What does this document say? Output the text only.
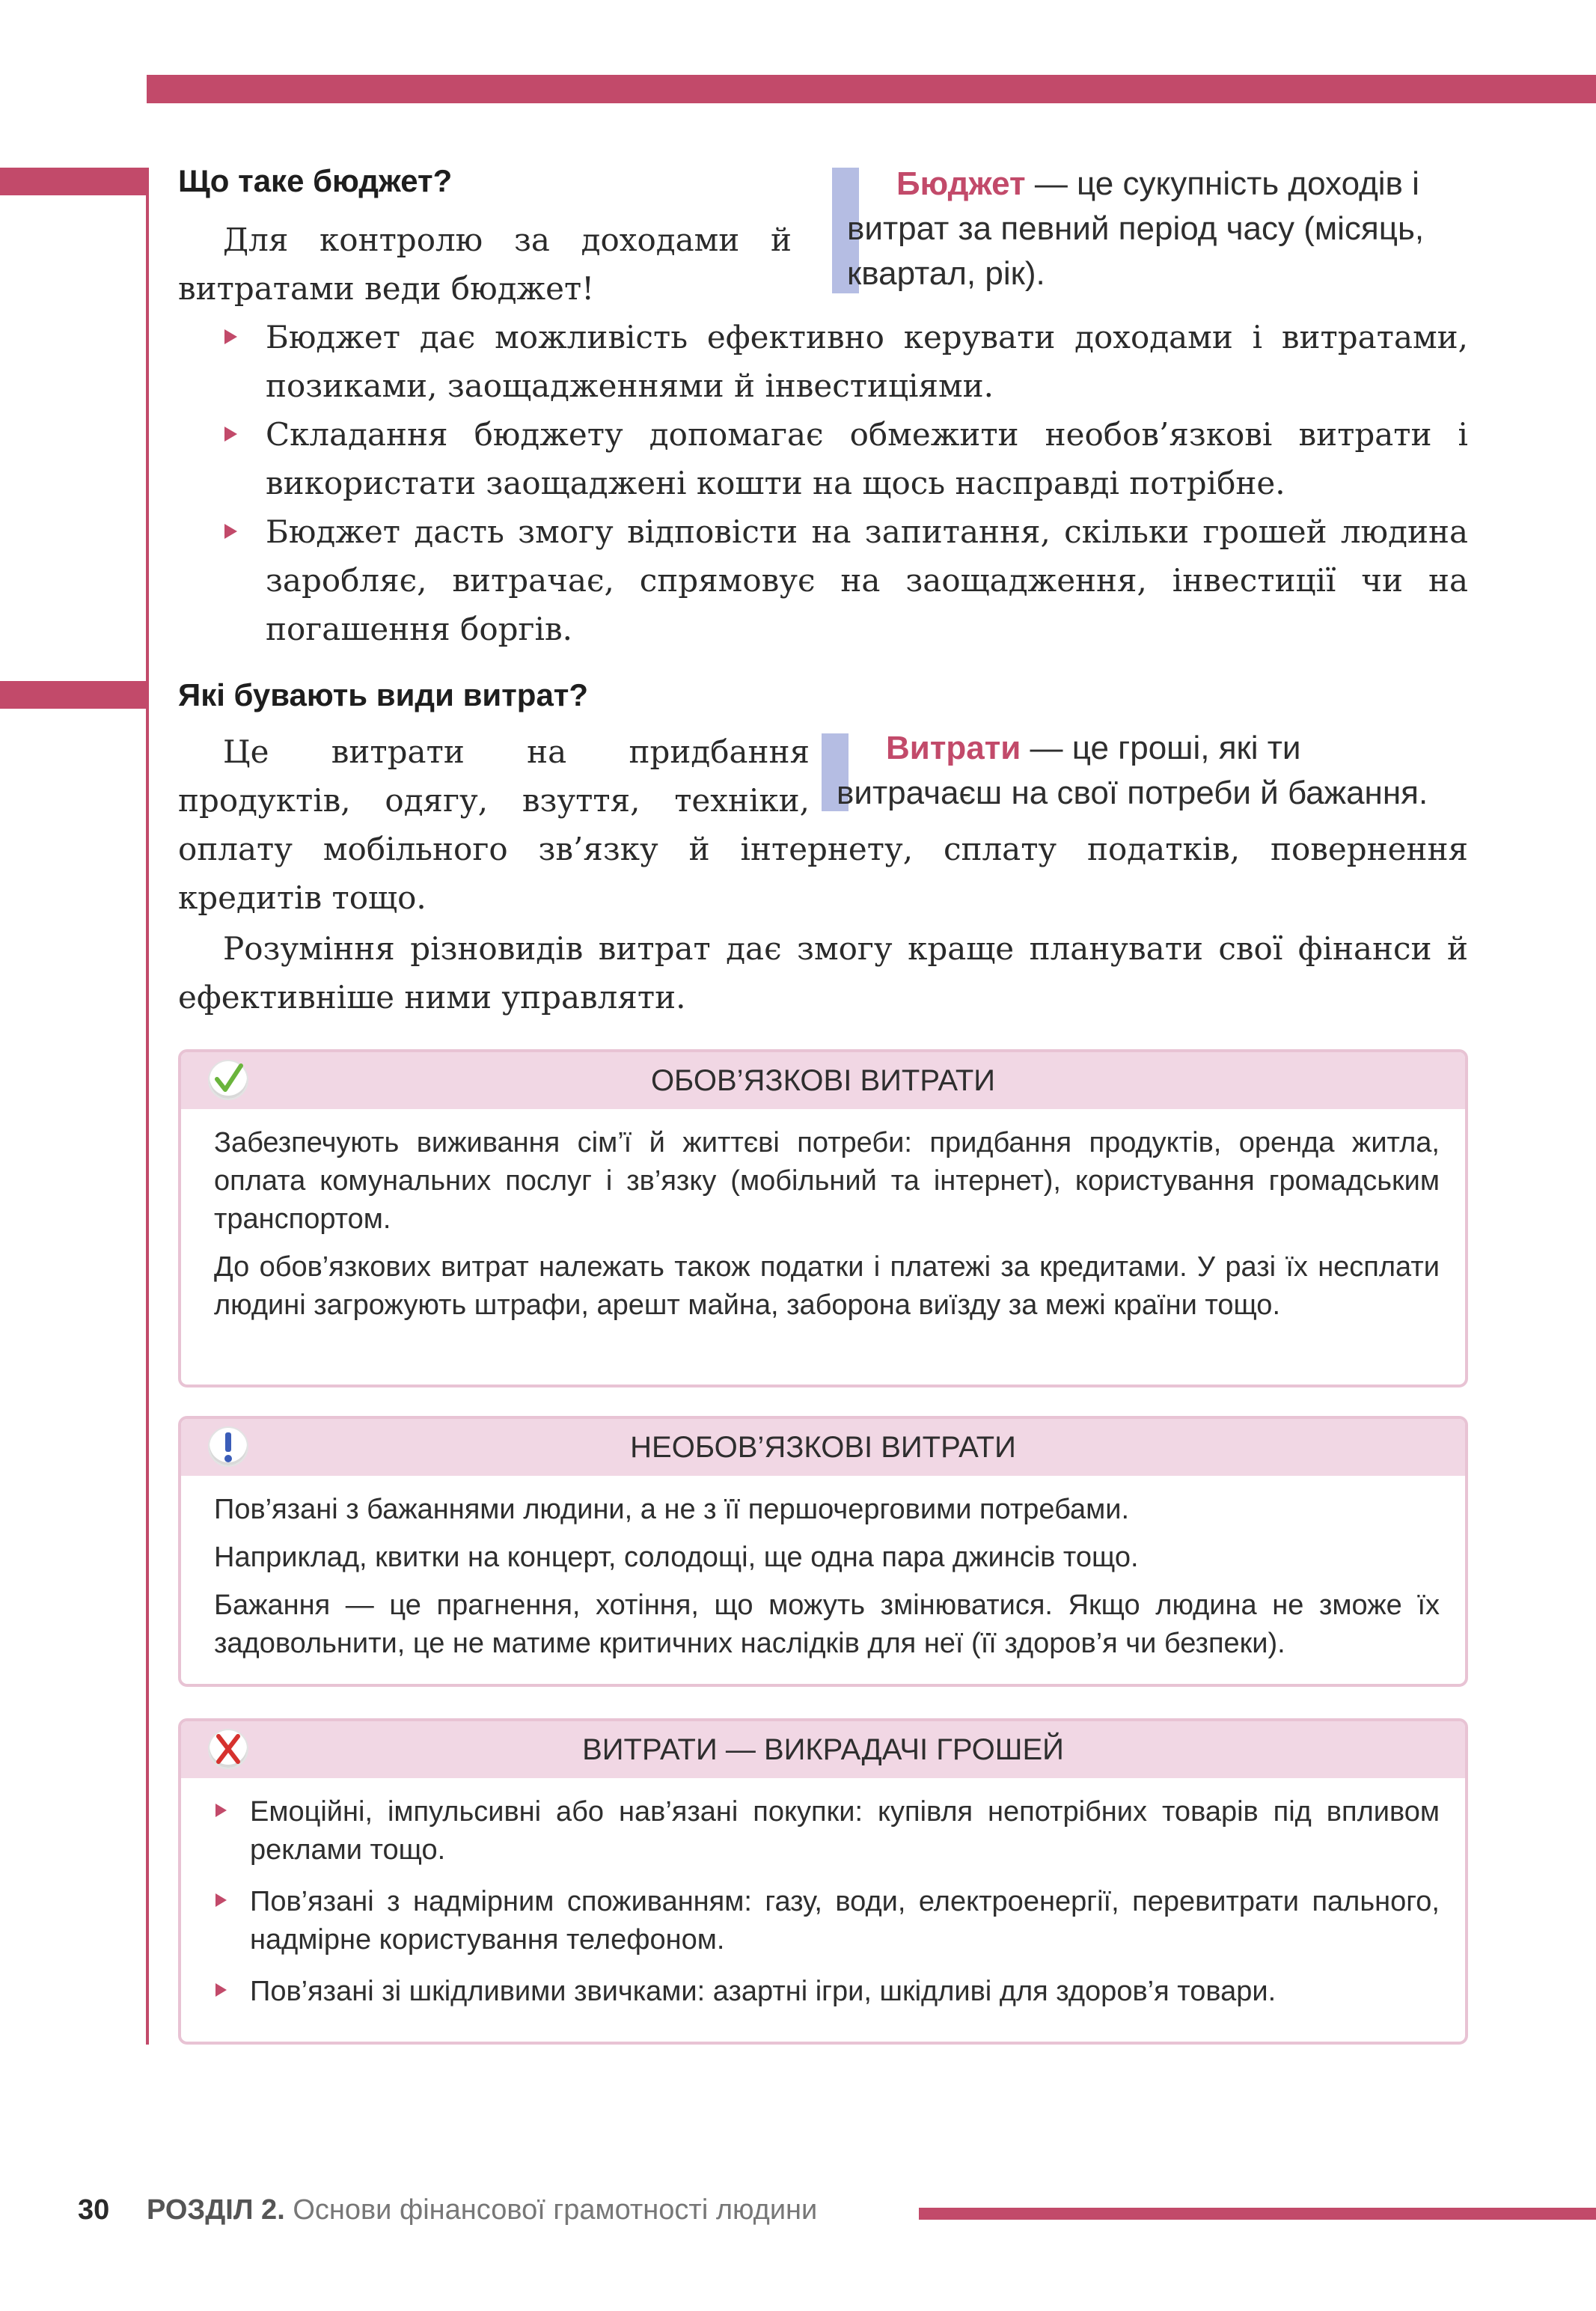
Що таке бюджет?
Для контролю за доходами й витратами веди бюджет!
Бюджет — це сукупність доходів і витрат за певний період часу (місяць, квартал, рік).
Бюджет дає можливість ефективно керувати доходами і витратами, позиками, заощадженнями й інвестиціями.
Складання бюджету допомагає обмежити необов’язкові витрати і використати заощаджені кошти на щось насправді потрібне.
Бюджет дасть змогу відповісти на запитання, скільки грошей людина заробляє, витрачає, спрямовує на заощадження, інвестиції чи на погашення боргів.
Які бувають види витрат?
Витрати — це гроші, які ти витрачаєш на свої потреби й бажання.
Це витрати на придбання продуктів, одягу, взуття, техніки, оплату мобільного зв’язку й інтернету, сплату податків, повернення кредитів тощо.
Розуміння різновидів витрат дає змогу краще планувати свої фінанси й ефективніше ними управляти.
ОБОВ’ЯЗКОВІ ВИТРАТИ

Забезпечують виживання сім’ї й життєві потреби: придбання продуктів, оренда житла, оплата комунальних послуг і зв’язку (мобільний та інтернет), користування громадським транспортом.

До обов’язкових витрат належать також податки і платежі за кредитами. У разі їх несплати людині загрожують штрафи, арешт майна, заборона виїзду за межі країни тощо.

НЕОБОВ’ЯЗКОВІ ВИТРАТИ

Пов’язані з бажаннями людини, а не з її першочерговими потребами.

Наприклад, квитки на концерт, солодощі, ще одна пара джинсів тощо.

Бажання — це прагнення, хотіння, що можуть змінюватися. Якщо людина не зможе їх задовольнити, це не матиме критичних наслідків для неї (її здоров’я чи безпеки).

ВИТРАТИ — ВИКРАДАЧІ ГРОШЕЙ
Емоційні, імпульсивні або нав’язані покупки: купівля непотрібних товарів під впливом реклами тощо.
Пов’язані з надмірним споживанням: газу, води, електроенергії, перевитрати пального, надмірне користування телефоном.
Пов’язані зі шкідливими звичками: азартні ігри, шкідливі для здоров’я товари.
30 РОЗДІЛ 2. Основи фінансової грамотності людини
